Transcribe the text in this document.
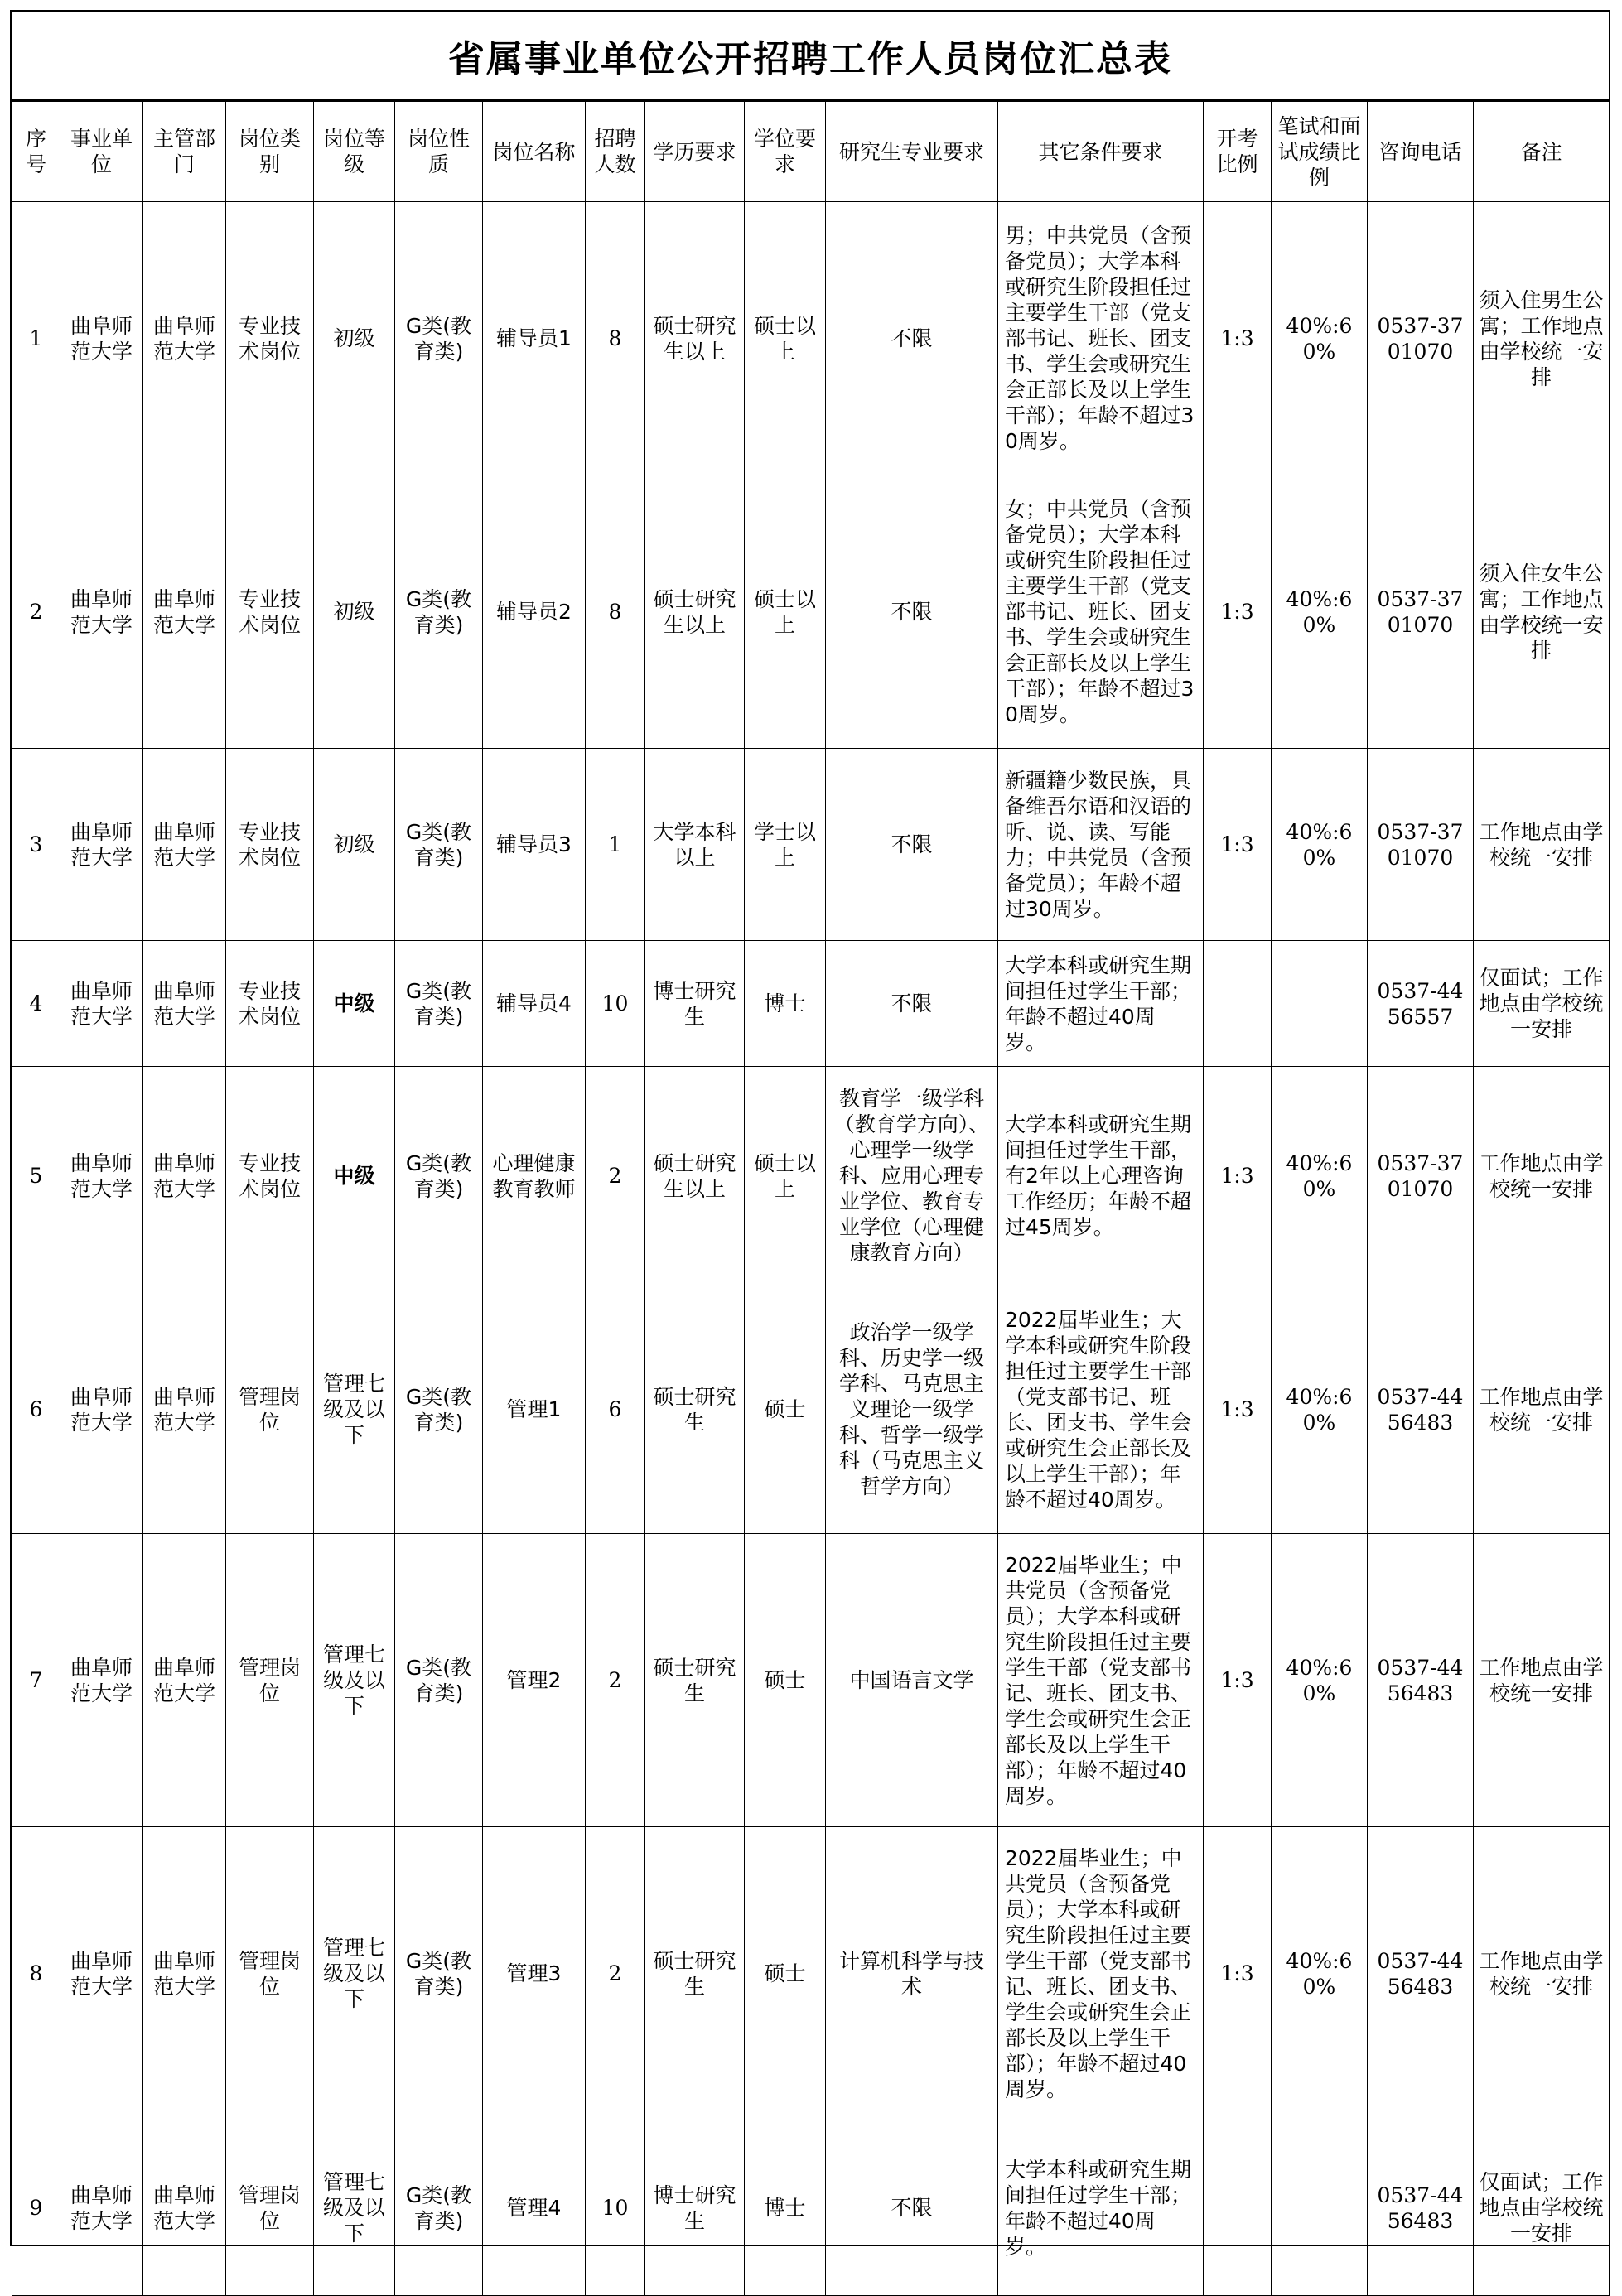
省属事业单位公开招聘工作人员岗位汇总表
序号	事业单位	主管部门	岗位类别	岗位等级	岗位性质	岗位名称	招聘人数	学历要求	学位要求	研究生专业要求	其它条件要求	开考比例	笔试和面试成绩比例	咨询电话	备注
1	曲阜师范大学	曲阜师范大学	专业技术岗位	初级	G类(教育类)	辅导员1	8	硕士研究生以上	硕士以上	不限	男；中共党员（含预备党员）；大学本科或研究生阶段担任过主要学生干部（党支部书记、班长、团支书、学生会或研究生会正部长及以上学生干部）；年龄不超过30周岁。	1:3	40%:60%	0537-3701070	须入住男生公寓；工作地点由学校统一安排
2	曲阜师范大学	曲阜师范大学	专业技术岗位	初级	G类(教育类)	辅导员2	8	硕士研究生以上	硕士以上	不限	女；中共党员（含预备党员）；大学本科或研究生阶段担任过主要学生干部（党支部书记、班长、团支书、学生会或研究生会正部长及以上学生干部）；年龄不超过30周岁。	1:3	40%:60%	0537-3701070	须入住女生公寓；工作地点由学校统一安排
3	曲阜师范大学	曲阜师范大学	专业技术岗位	初级	G类(教育类)	辅导员3	1	大学本科以上	学士以上	不限	新疆籍少数民族，具备维吾尔语和汉语的听、说、读、写能力；中共党员（含预备党员）；年龄不超过30周岁。	1:3	40%:60%	0537-3701070	工作地点由学校统一安排
4	曲阜师范大学	曲阜师范大学	专业技术岗位	中级	G类(教育类)	辅导员4	10	博士研究生	博士	不限	大学本科或研究生期间担任过学生干部；年龄不超过40周岁。			0537-4456557	仅面试；工作地点由学校统一安排
5	曲阜师范大学	曲阜师范大学	专业技术岗位	中级	G类(教育类)	心理健康教育教师	2	硕士研究生以上	硕士以上	教育学一级学科（教育学方向）、心理学一级学科、应用心理专业学位、教育专业学位（心理健康教育方向）	大学本科或研究生期间担任过学生干部，有2年以上心理咨询工作经历；年龄不超过45周岁。	1:3	40%:60%	0537-3701070	工作地点由学校统一安排
6	曲阜师范大学	曲阜师范大学	管理岗位	管理七级及以下	G类(教育类)	管理1	6	硕士研究生	硕士	政治学一级学科、历史学一级学科、马克思主义理论一级学科、哲学一级学科（马克思主义哲学方向）	2022届毕业生；大学本科或研究生阶段担任过主要学生干部（党支部书记、班长、团支书、学生会或研究生会正部长及以上学生干部）；年龄不超过40周岁。	1:3	40%:60%	0537-4456483	工作地点由学校统一安排
7	曲阜师范大学	曲阜师范大学	管理岗位	管理七级及以下	G类(教育类)	管理2	2	硕士研究生	硕士	中国语言文学	2022届毕业生；中共党员（含预备党员）；大学本科或研究生阶段担任过主要学生干部（党支部书记、班长、团支书、学生会或研究生会正部长及以上学生干部）；年龄不超过40周岁。	1:3	40%:60%	0537-4456483	工作地点由学校统一安排
8	曲阜师范大学	曲阜师范大学	管理岗位	管理七级及以下	G类(教育类)	管理3	2	硕士研究生	硕士	计算机科学与技术	2022届毕业生；中共党员（含预备党员）；大学本科或研究生阶段担任过主要学生干部（党支部书记、班长、团支书、学生会或研究生会正部长及以上学生干部）；年龄不超过40周岁。	1:3	40%:60%	0537-4456483	工作地点由学校统一安排
9	曲阜师范大学	曲阜师范大学	管理岗位	管理七级及以下	G类(教育类)	管理4	10	博士研究生	博士	不限	大学本科或研究生期间担任过学生干部；年龄不超过40周岁。			0537-4456483	仅面试；工作地点由学校统一安排
